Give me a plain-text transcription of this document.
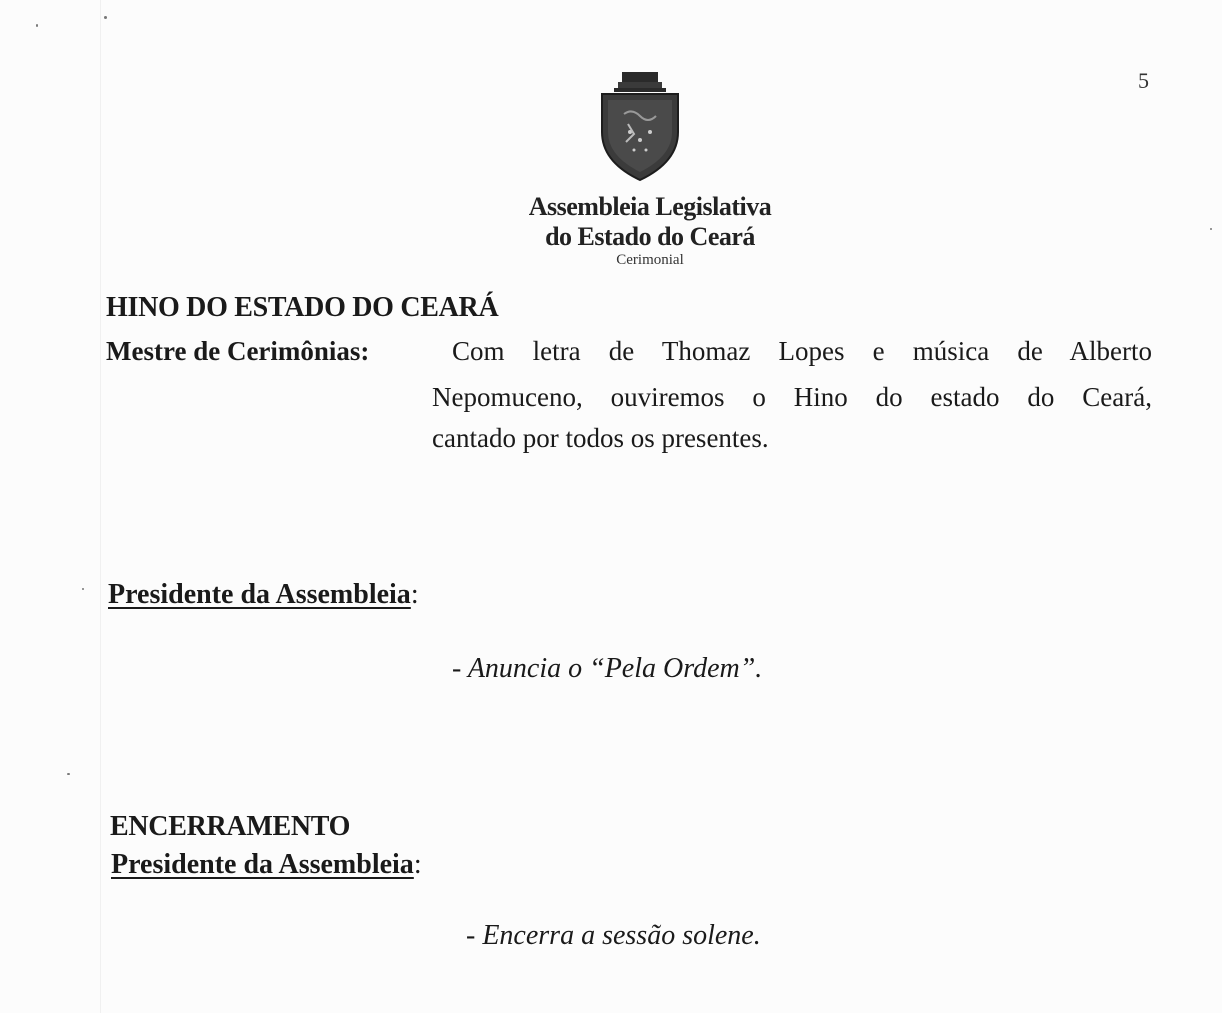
5
Assembleia Legislativa
do Estado do Ceará
Cerimonial
HINO DO ESTADO DO CEARÁ
Mestre de Cerimônias:	Com letra de Thomaz Lopes e música de Alberto
Nepomuceno, ouviremos o Hino do estado do Ceará,
cantado por todos os presentes.
Presidente da Assembleia:
- Anuncia o “Pela Ordem”.
ENCERRAMENTO
Presidente da Assembleia:
- Encerra a sessão solene.
